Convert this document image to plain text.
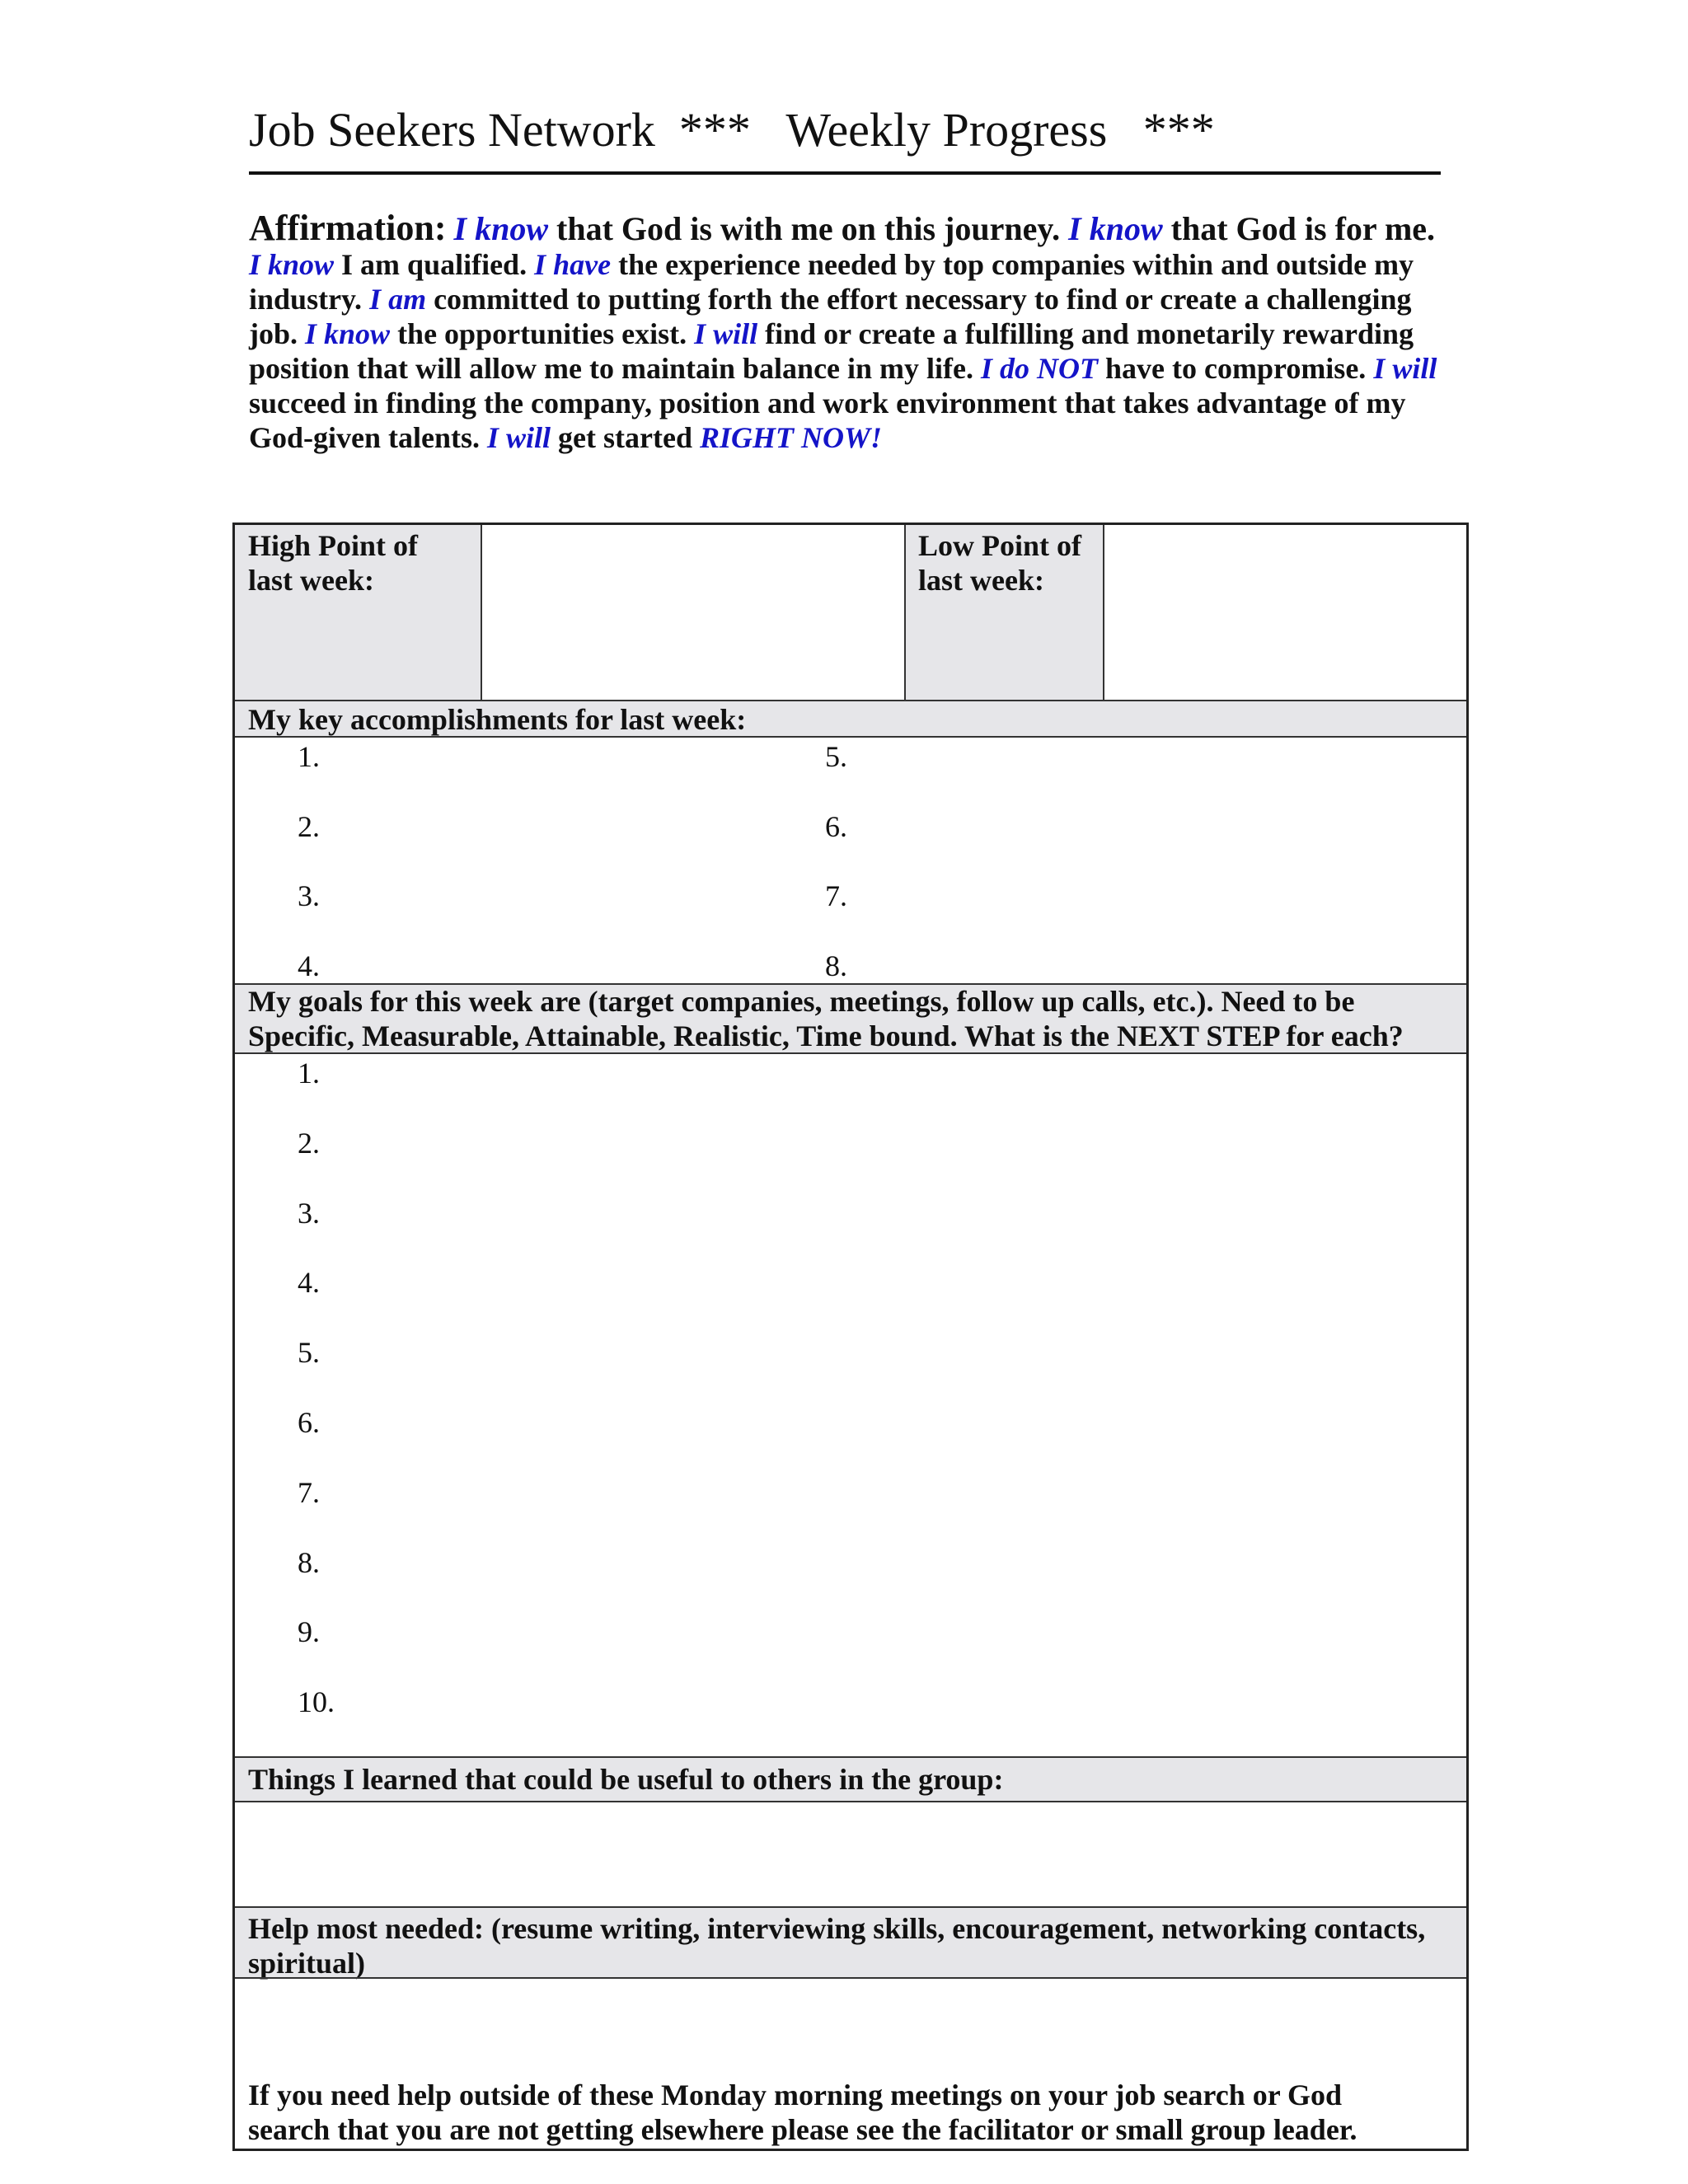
Job Seekers Network  ***   Weekly Progress   ***
Affirmation: I know that God is with me on this journey. I know that God is for me. I know I am qualified. I have the experience needed by top companies within and outside my industry. I am committed to putting forth the effort necessary to find or create a challenging job. I know the opportunities exist. I will find or create a fulfilling and monetarily rewarding position that will allow me to maintain balance in my life. I do NOT have to compromise. I will succeed in finding the company, position and work environment that takes advantage of my God-given talents. I will get started RIGHT NOW!
High Point of
last week:
Low Point of
last week:
My key accomplishments for last week:
My goals for this week are (target companies, meetings, follow up calls, etc.). Need to be
Specific, Measurable, Attainable, Realistic, Time bound. What is the NEXT STEP for each?
Things I learned that could be useful to others in the group:
Help most needed: (resume writing, interviewing skills, encouragement, networking contacts,
spiritual)
If you need help outside of these Monday morning meetings on your job search or God
search that you are not getting elsewhere please see the facilitator or small group leader.
1.
2.
3.
4.
5.
6.
7.
8.
1.
2.
3.
4.
5.
6.
7.
8.
9.
10.
